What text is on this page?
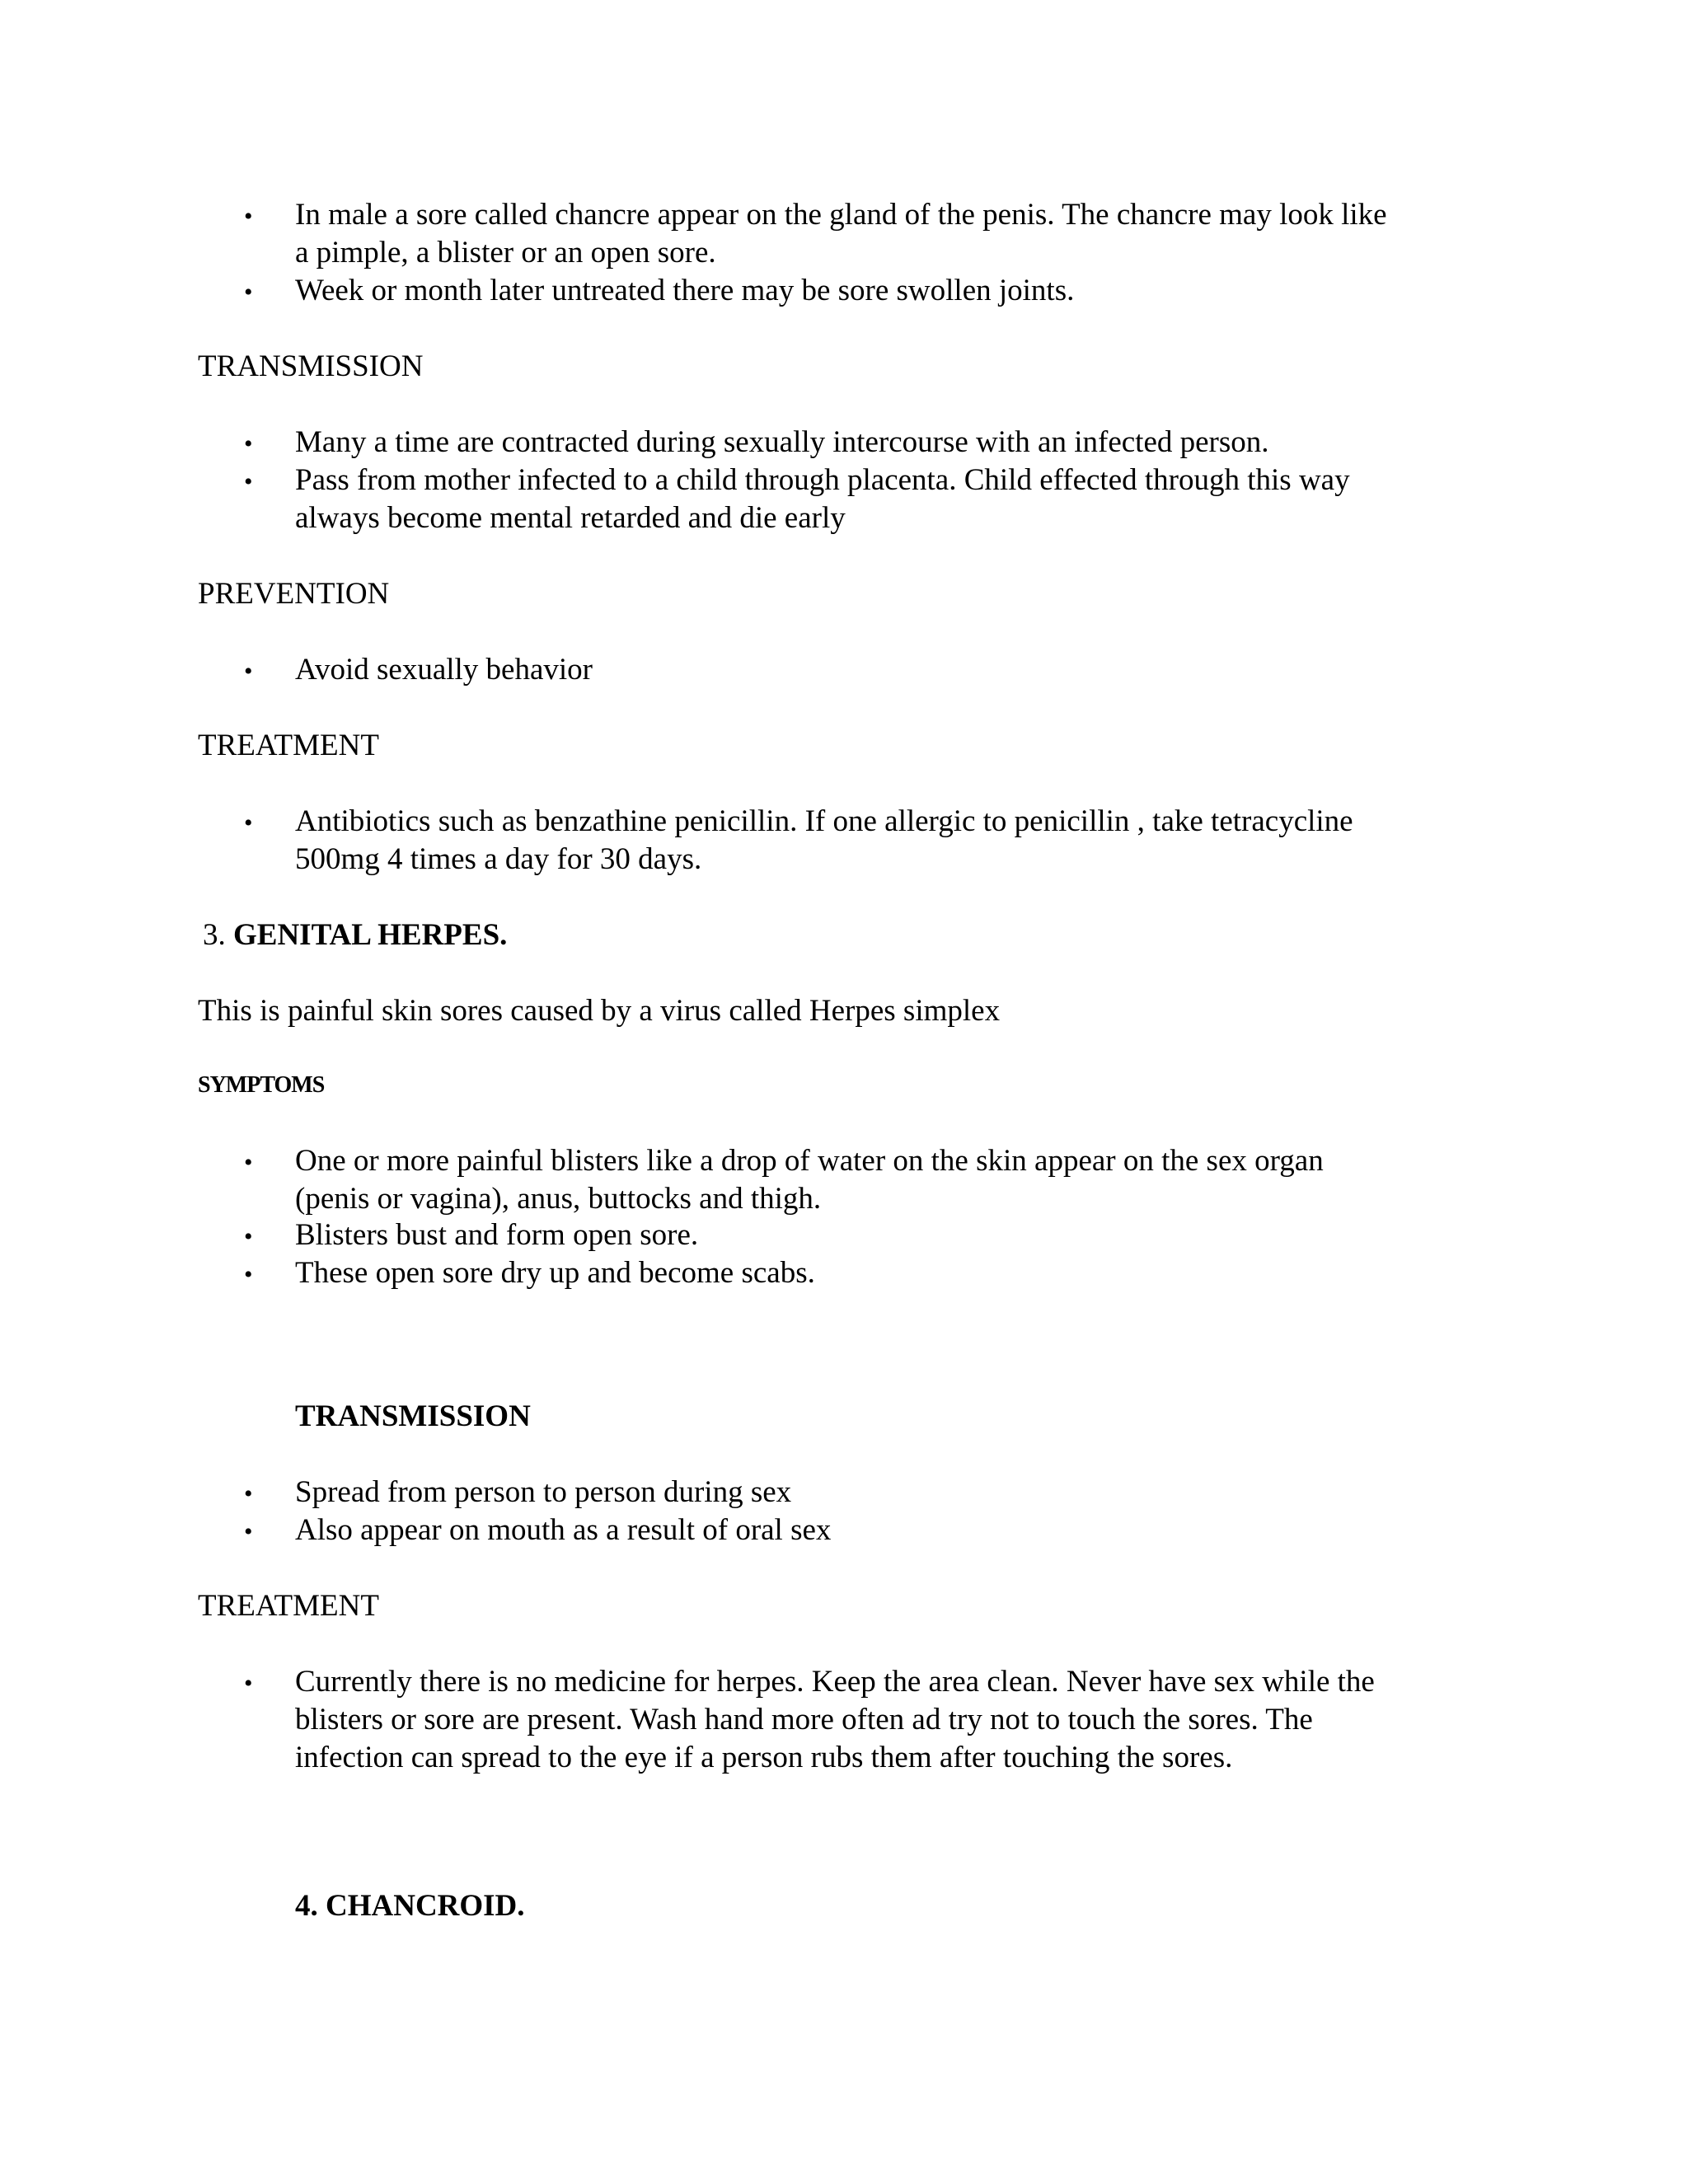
• In male a sore called chancre appear on the gland of the penis. The chancre may look like
a pimple, a blister or an open sore.
• Week or month later untreated there may be sore swollen joints.
TRANSMISSION
• Many a time are contracted during sexually intercourse with an infected person.
• Pass from mother infected to a child through placenta. Child effected through this way
always become mental retarded and die early
PREVENTION
• Avoid sexually behavior
TREATMENT
• Antibiotics such as benzathine penicillin. If one allergic to penicillin , take tetracycline
500mg 4 times a day for 30 days.
3. GENITAL HERPES.
This is painful skin sores caused by a virus called Herpes simplex
SYMPTOMS
• One or more painful blisters like a drop of water on the skin appear on the sex organ
(penis or vagina), anus, buttocks and thigh.
• Blisters bust and form open sore.
• These open sore dry up and become scabs.
TRANSMISSION
• Spread from person to person during sex
• Also appear on mouth as a result of oral sex
TREATMENT
• Currently there is no medicine for herpes. Keep the area clean. Never have sex while the
blisters or sore are present. Wash hand more often ad try not to touch the sores. The
infection can spread to the eye if a person rubs them after touching the sores.
4. CHANCROID.
